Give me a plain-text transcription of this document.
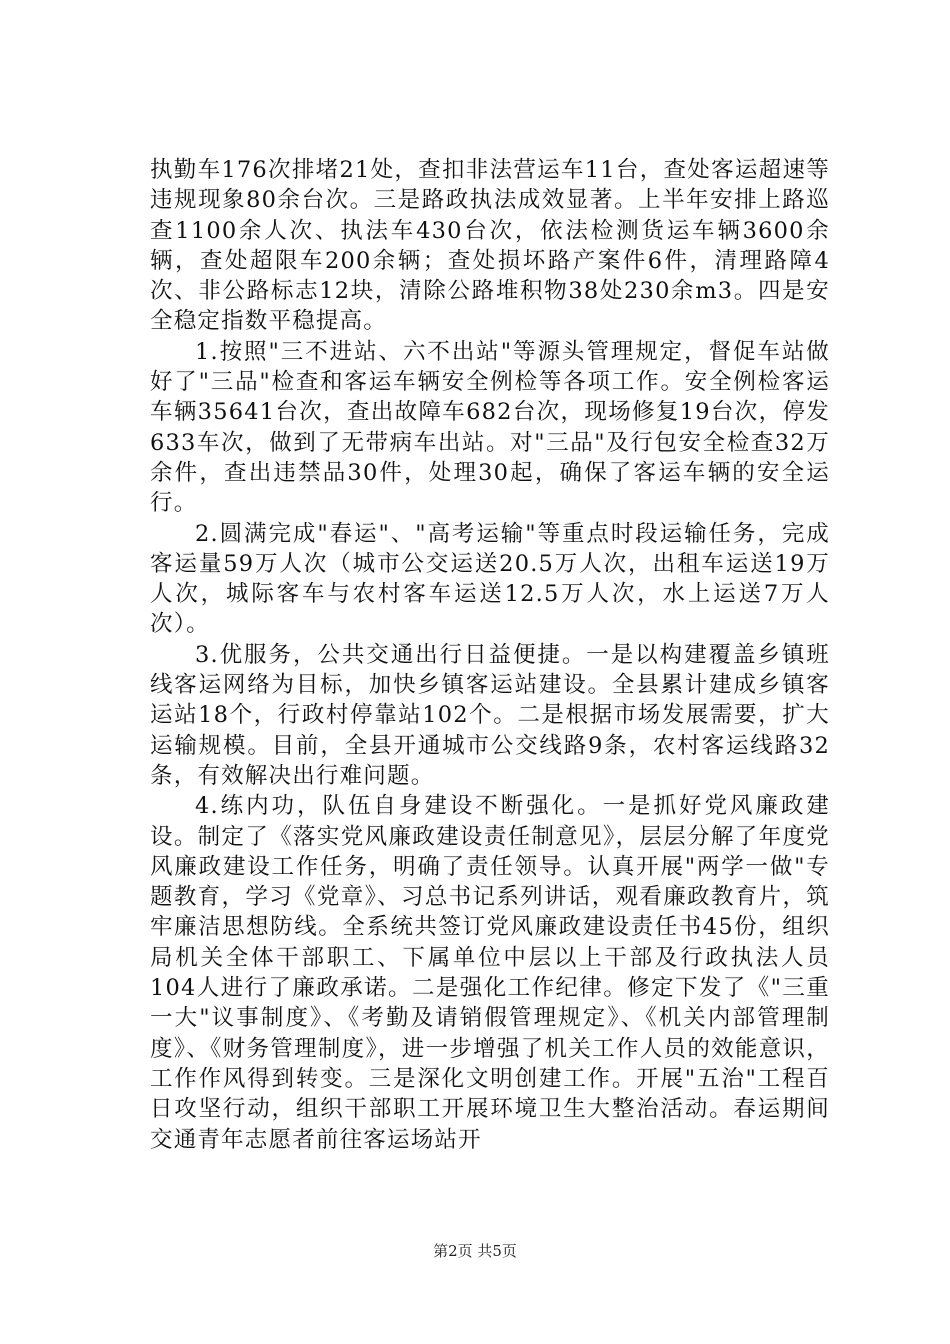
执勤车176次排堵21处，查扣非法营运车11台，查处客运超速等违规现象80余台次。三是路政执法成效显著。上半年安排上路巡查1100余人次、执法车430台次，依法检测货运车辆3600余辆，查处超限车200余辆；查处损坏路产案件6件，清理路障4次、非公路标志12块，清除公路堆积物38处230余m3。四是安全稳定指数平稳提高。

1.按照"三不进站、六不出站"等源头管理规定，督促车站做好了"三品"检查和客运车辆安全例检等各项工作。安全例检客运车辆35641台次，查出故障车682台次，现场修复19台次，停发633车次，做到了无带病车出站。对"三品"及行包安全检查32万余件，查出违禁品30件，处理30起，确保了客运车辆的安全运行。

2.圆满完成"春运"、"高考运输"等重点时段运输任务，完成客运量59万人次（城市公交运送20.5万人次，出租车运送19万人次，城际客车与农村客车运送12.5万人次，水上运送7万人次）。

3.优服务，公共交通出行日益便捷。一是以构建覆盖乡镇班线客运网络为目标，加快乡镇客运站建设。全县累计建成乡镇客运站18个，行政村停靠站102个。二是根据市场发展需要，扩大运输规模。目前，全县开通城市公交线路9条，农村客运线路32条，有效解决出行难问题。

4.练内功，队伍自身建设不断强化。一是抓好党风廉政建设。制定了《落实党风廉政建设责任制意见》，层层分解了年度党风廉政建设工作任务，明确了责任领导。认真开展"两学一做"专题教育，学习《党章》、习总书记系列讲话，观看廉政教育片，筑牢廉洁思想防线。全系统共签订党风廉政建设责任书45份，组织局机关全体干部职工、下属单位中层以上干部及行政执法人员104人进行了廉政承诺。二是强化工作纪律。修定下发了《"三重一大"议事制度》、《考勤及请销假管理规定》、《机关内部管理制度》、《财务管理制度》，进一步增强了机关工作人员的效能意识，工作作风得到转变。三是深化文明创建工作。开展"五治"工程百日攻坚行动，组织干部职工开展环境卫生大整治活动。春运期间交通青年志愿者前往客运场站开

第2页 共5页
